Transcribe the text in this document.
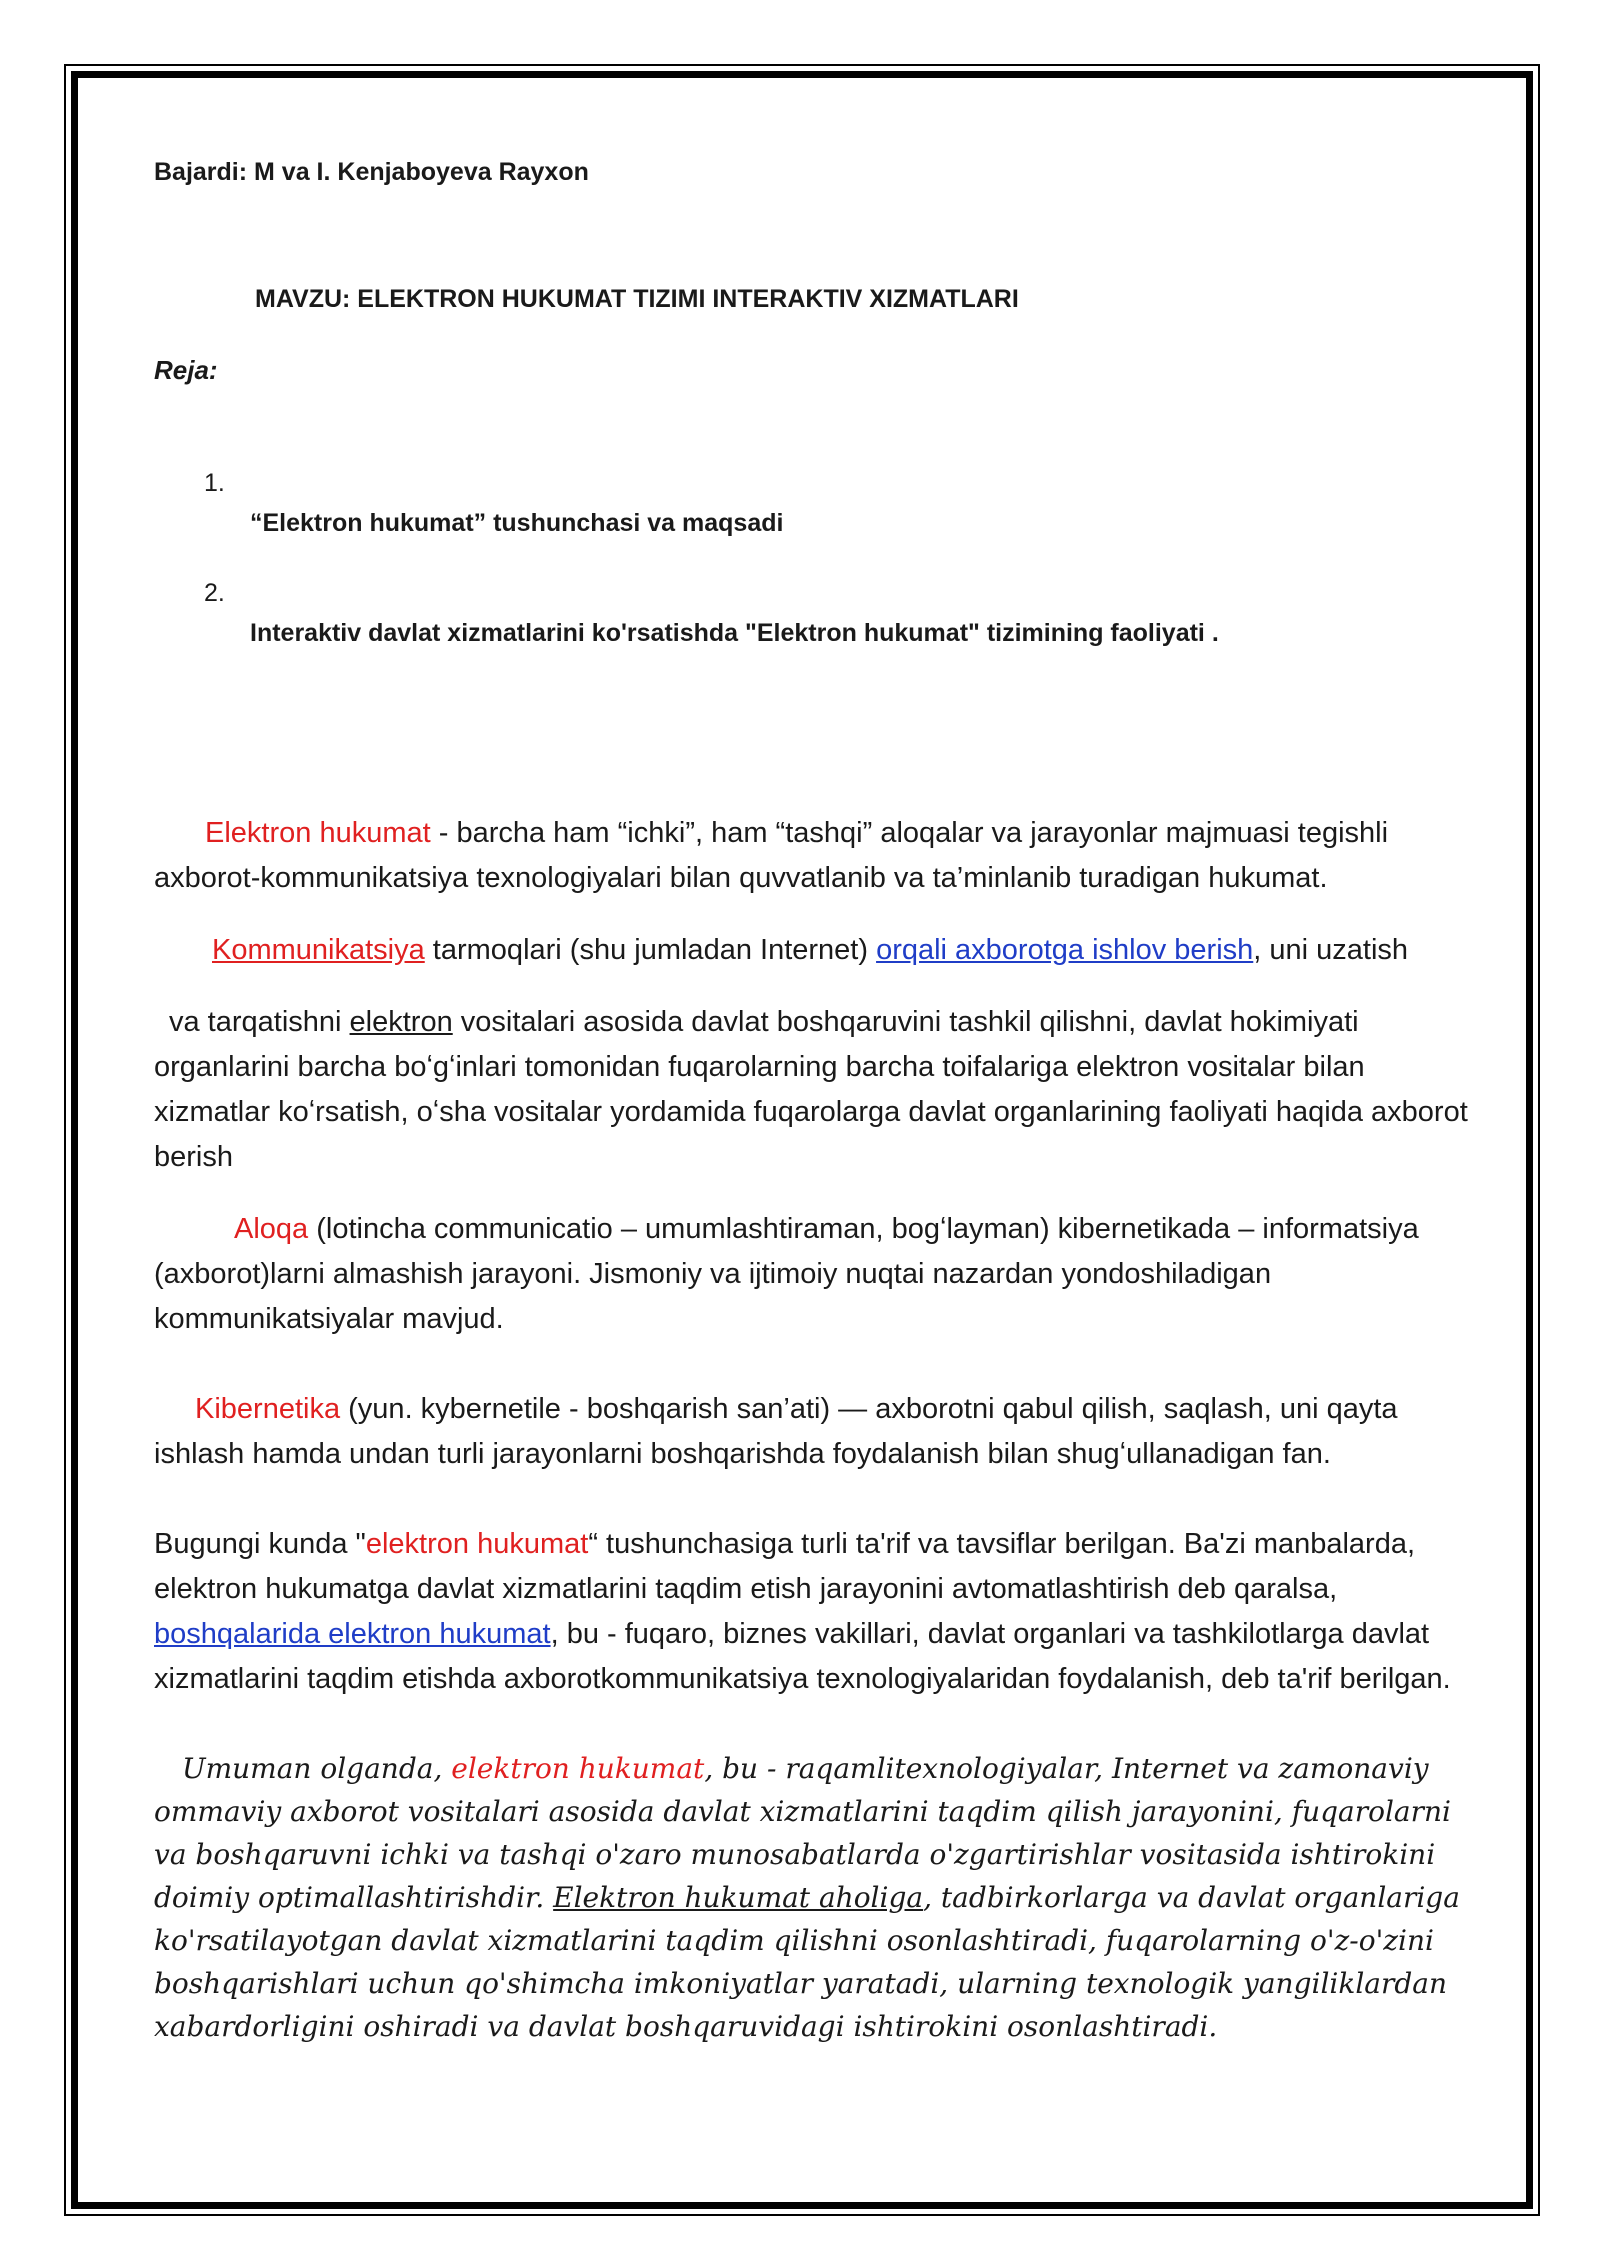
Bajardi: M va I. Kenjaboyeva Rayxon
MAVZU: ELEKTRON HUKUMAT TIZIMI INTERAKTIV XIZMATLARI
Reja:
1.
“Elektron hukumat” tushunchasi va maqsadi
2.
Interaktiv davlat xizmatlarini ko'rsatishda "Elektron hukumat" tizimining faoliyati .

Elektron hukumat - barcha ham “ichki”, ham “tashqi” aloqalar va jarayonlar majmuasi tegishli axborot-kommunikatsiya texnologiyalari bilan quvvatlanib va ta’minlanib turadigan hukumat.

Kommunikatsiya tarmoqlari (shu jumladan Internet) orqali axborotga ishlov berish, uni uzatish

va tarqatishni elektron vositalari asosida davlat boshqaruvini tashkil qilishni, davlat hokimiyati organlarini barcha boʻgʻinlari tomonidan fuqarolarning barcha toifalariga elektron vositalar bilan xizmatlar koʻrsatish, oʻsha vositalar yordamida fuqarolarga davlat organlarining faoliyati haqida axborot berish

Aloqa (lotincha communicatio – umumlashtiraman, bogʻlayman) kibernetikada – informatsiya (axborot)larni almashish jarayoni. Jismoniy va ijtimoiy nuqtai nazardan yondoshiladigan kommunikatsiyalar mavjud.

Kibernetika (yun. kybernetile - boshqarish san’ati) — axborotni qabul qilish, saqlash, uni qayta ishlash hamda undan turli jarayonlarni boshqarishda foydalanish bilan shugʻullanadigan fan.

Bugungi kunda "elektron hukumat“ tushunchasiga turli ta'rif va tavsiflar berilgan. Ba'zi manbalarda, elektron hukumatga davlat xizmatlarini taqdim etish jarayonini avtomatlashtirish deb qaralsa, boshqalarida elektron hukumat, bu - fuqaro, biznes vakillari, davlat organlari va tashkilotlarga davlat xizmatlarini taqdim etishda axborotkommunikatsiya texnologiyalaridan foydalanish, deb ta'rif berilgan.

Umuman olganda, elektron hukumat, bu - raqamlitexnologiyalar, Internet va zamonaviy ommaviy axborot vositalari asosida davlat xizmatlarini taqdim qilish jarayonini, fuqarolarni va boshqaruvni ichki va tashqi o'zaro munosabatlarda o'zgartirishlar vositasida ishtirokini doimiy optimallashtirishdir. Elektron hukumat aholiga, tadbirkorlarga va davlat organlariga ko'rsatilayotgan davlat xizmatlarini taqdim qilishni osonlashtiradi, fuqarolarning o'z-o'zini boshqarishlari uchun qo'shimcha imkoniyatlar yaratadi, ularning texnologik yangiliklardan xabardorligini oshiradi va davlat boshqaruvidagi ishtirokini osonlashtiradi.
